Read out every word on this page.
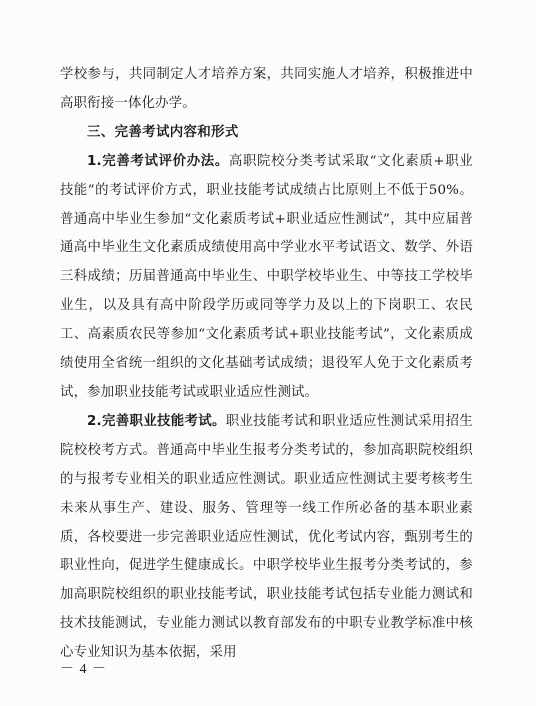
学校参与，共同制定人才培养方案，共同实施人才培养，积极推进中高职衔接一体化办学。

三、完善考试内容和形式

1.完善考试评价办法。高职院校分类考试采取“文化素质+职业技能”的考试评价方式，职业技能考试成绩占比原则上不低于50%。普通高中毕业生参加“文化素质考试+职业适应性测试”，其中应届普通高中毕业生文化素质成绩使用高中学业水平考试语文、数学、外语三科成绩；历届普通高中毕业生、中职学校毕业生、中等技工学校毕业生，以及具有高中阶段学历或同等学力及以上的下岗职工、农民工、高素质农民等参加“文化素质考试+职业技能考试”，文化素质成绩使用全省统一组织的文化基础考试成绩；退役军人免于文化素质考试，参加职业技能考试或职业适应性测试。

2.完善职业技能考试。职业技能考试和职业适应性测试采用招生院校校考方式。普通高中毕业生报考分类考试的，参加高职院校组织的与报考专业相关的职业适应性测试。职业适应性测试主要考核考生未来从事生产、建设、服务、管理等一线工作所必备的基本职业素质，各校要进一步完善职业适应性测试，优化考试内容，甄别考生的职业性向，促进学生健康成长。中职学校毕业生报考分类考试的，参加高职院校组织的职业技能考试，职业技能考试包括专业能力测试和技术技能测试，专业能力测试以教育部发布的中职专业教学标准中核心专业知识为基本依据，采用

－ 4 －
